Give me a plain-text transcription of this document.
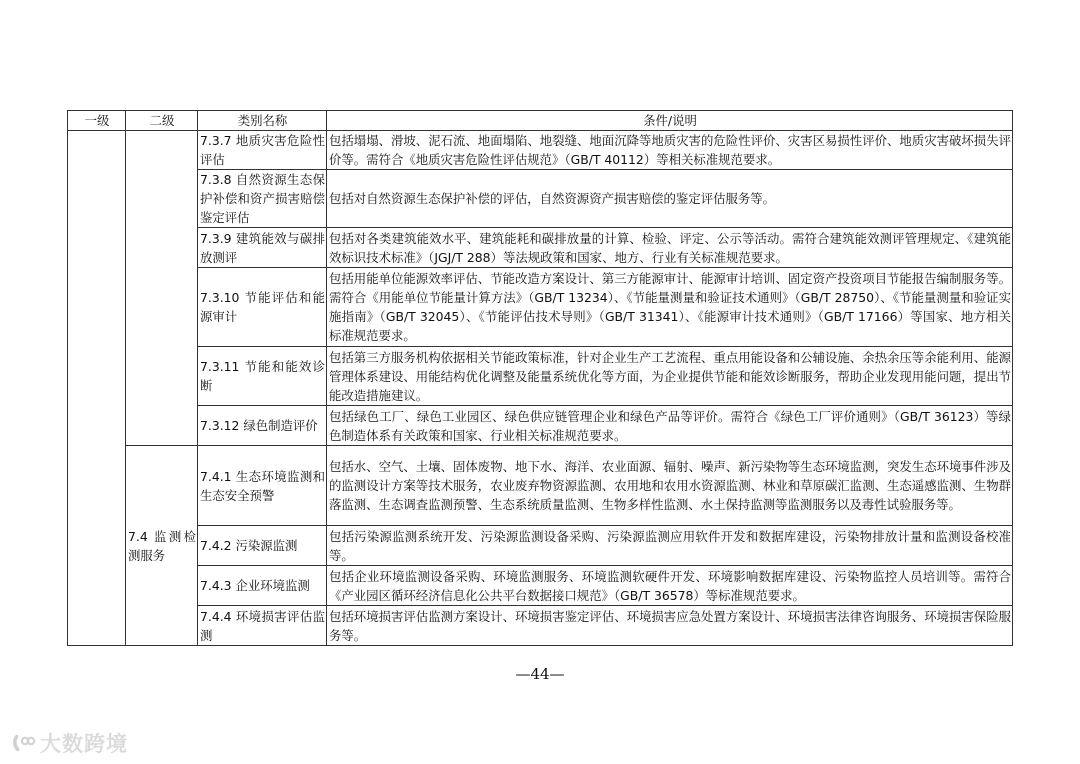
一级	二级	类别名称	条件/说明
		7.3.7 地质灾害危险性评估	包括塌塌、滑坡、泥石流、地面塌陷、地裂缝、地面沉降等地质灾害的危险性评价、灾害区易损性评价、地质灾害破坏损失评价等。需符合《地质灾害危险性评估规范》（GB/T 40112）等相关标准规范要求。
		7.3.8 自然资源生态保护补偿和资产损害赔偿鉴定评估	包括对自然资源生态保护补偿的评估，自然资源资产损害赔偿的鉴定评估服务等。
		7.3.9 建筑能效与碳排放测评	包括对各类建筑能效水平、建筑能耗和碳排放量的计算、检验、评定、公示等活动。需符合建筑能效测评管理规定、《建筑能效标识技术标准》（JGJ/T 288）等法规政策和国家、地方、行业有关标准规范要求。
		7.3.10 节能评估和能源审计	包括用能单位能源效率评估、节能改造方案设计、第三方能源审计、能源审计培训、固定资产投资项目节能报告编制服务等。需符合《用能单位节能量计算方法》（GB/T 13234）、《节能量测量和验证技术通则》（GB/T 28750）、《节能量测量和验证实施指南》（GB/T 32045）、《节能评估技术导则》（GB/T 31341）、《能源审计技术通则》（GB/T 17166）等国家、地方相关标准规范要求。
		7.3.11 节能和能效诊断	包括第三方服务机构依据相关节能政策标准，针对企业生产工艺流程、重点用能设备和公辅设施、余热余压等余能利用、能源管理体系建设、用能结构优化调整及能量系统优化等方面，为企业提供节能和能效诊断服务，帮助企业发现用能问题，提出节能改造措施建议。
		7.3.12 绿色制造评价	包括绿色工厂、绿色工业园区、绿色供应链管理企业和绿色产品等评价。需符合《绿色工厂评价通则》（GB/T 36123）等绿色制造体系有关政策和国家、行业相关标准规范要求。
	7.4 监测检测服务	7.4.1 生态环境监测和生态安全预警	包括水、空气、土壤、固体废物、地下水、海洋、农业面源、辐射、噪声、新污染物等生态环境监测，突发生态环境事件涉及的监测设计方案等技术服务，农业废弃物资源监测、农用地和农用水资源监测、林业和草原碳汇监测、生态遥感监测、生物群落监测、生态调查监测预警、生态系统质量监测、生物多样性监测、水土保持监测等监测服务以及毒性试验服务等。
		7.4.2 污染源监测	包括污染源监测系统开发、污染源监测设备采购、污染源监测应用软件开发和数据库建设，污染物排放计量和监测设备校准等。
		7.4.3 企业环境监测	包括企业环境监测设备采购、环境监测服务、环境监测软硬件开发、环境影响数据库建设、污染物监控人员培训等。需符合《产业园区循环经济信息化公共平台数据接口规范》（GB/T 36578）等标准规范要求。
		7.4.4 环境损害评估监测	包括环境损害评估监测方案设计、环境损害鉴定评估、环境损害应急处置方案设计、环境损害法律咨询服务、环境损害保险服务等。
—44—
大数跨境
